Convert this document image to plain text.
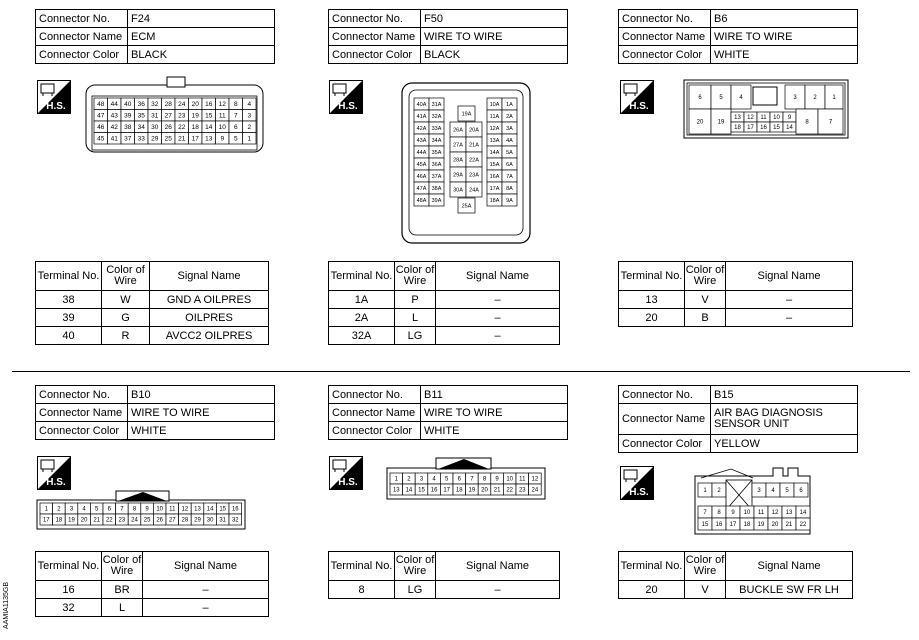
Connector No.	F24
Connector Name	ECM
Connector Color	BLACK
Connector No.	F50
Connector Name	WIRE TO WIRE
Connector Color	BLACK
Connector No.	B6
Connector Name	WIRE TO WIRE
Connector Color	WHITE
Connector No.	B10
Connector Name	WIRE TO WIRE
Connector Color	WHITE
Connector No.	B11
Connector Name	WIRE TO WIRE
Connector Color	WHITE
Connector No.	B15
Connector Name	AIR BAG DIAGNOSIS SENSOR UNIT
Connector Color	YELLOW
H.S.	H.S.	H.S.
H.S.	H.S.
H.S.
48 44 40 36 32 28 24 20 16 12 8 4
47 43 39 35 31 27 23 19 15 11 7 3
46 42 38 34 30 26 22 18 14 10 6 2
45 41 37 33 29 25 21 17 13 9 5 1
40A 31A
41A 32A
42A 33A
43A 34A
44A 35A
45A 36A
46A 37A
47A 38A
48A 39A
10A 1A
11A 2A
12A 3A
13A 4A
14A 5A
15A 6A
16A 7A
17A 8A
18A 9A
19A
26A 20A
27A 21A
28A 22A
29A 23A
30A 24A
25A
6	5	4	3	2	1
20 19
13 12 11 10 9
18 17 16 15 14
8	7
1 2 3 4 5 6 7 8 9 10 11 12 13 14 15 16
17 18 19 20 21 22 23 24 25 26 27 28 29 30 31 32
1 2 3 4 5 6 7 8 9 10 11 12
13 14 15 16 17 18 19 20 21 22 23 24	1 2	3 4 5 6
7 8 9 10 11 12 13 14
15 16 17 18 19 20 21 22
Terminal No.	Color of Wire	Signal Name
38	W	GND A OILPRES
39	G	OILPRES
40	R	AVCC2 OILPRES
Terminal No.	Color of Wire	Signal Name
1A	P	–
2A	L	–
32A	LG	–
Terminal No.	Color of Wire	Signal Name
13	V	–
20	B	–
Terminal No.	Color of Wire	Signal Name
16	BR	–
32	L	–
Terminal No.	Color of Wire	Signal Name
8	LG	–
Terminal No.	Color of Wire	Signal Name
20	V	BUCKLE SW FR LH
AAMIA1135GB
